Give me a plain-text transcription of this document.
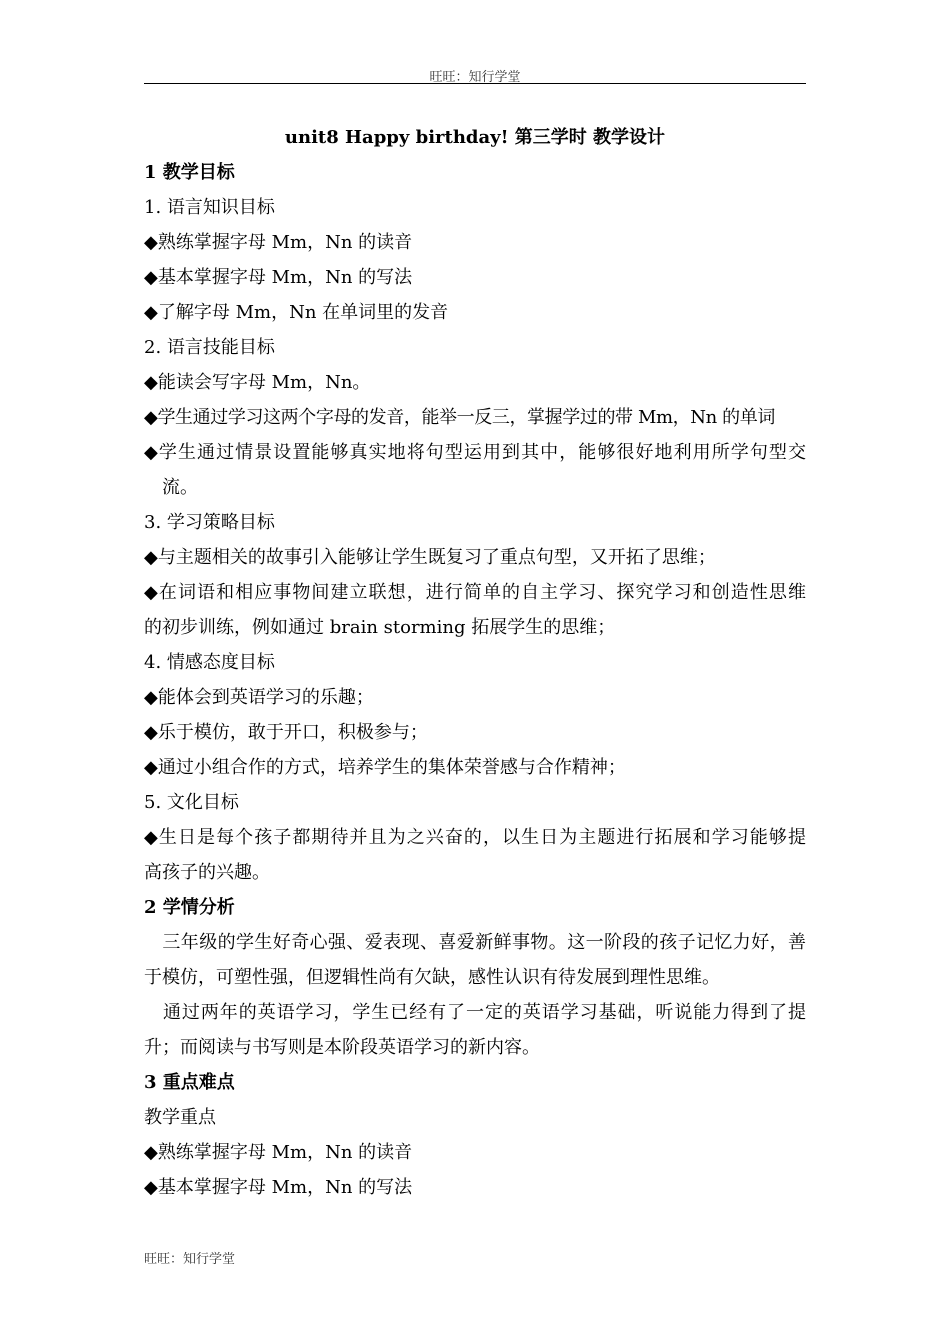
旺旺：知行学堂
unit8 Happy birthday! 第三学时 教学设计
1 教学目标
1. 语言知识目标
◆熟练掌握字母 Mm，Nn 的读音
◆基本掌握字母 Mm，Nn 的写法
◆了解字母 Mm，Nn 在单词里的发音
2. 语言技能目标
◆能读会写字母 Mm，Nn。
◆学生通过学习这两个字母的发音，能举一反三，掌握学过的带 Mm，Nn 的单词
◆学生通过情景设置能够真实地将句型运用到其中，能够很好地利用所学句型交
　流。
3. 学习策略目标
◆与主题相关的故事引入能够让学生既复习了重点句型，又开拓了思维；
◆在词语和相应事物间建立联想，进行简单的自主学习、探究学习和创造性思维
的初步训练，例如通过 brain storming 拓展学生的思维；
4. 情感态度目标
◆能体会到英语学习的乐趣；
◆乐于模仿，敢于开口，积极参与；
◆通过小组合作的方式，培养学生的集体荣誉感与合作精神；
5. 文化目标
◆生日是每个孩子都期待并且为之兴奋的，以生日为主题进行拓展和学习能够提
高孩子的兴趣。
2 学情分析
　三年级的学生好奇心强、爱表现、喜爱新鲜事物。这一阶段的孩子记忆力好，善
于模仿，可塑性强，但逻辑性尚有欠缺，感性认识有待发展到理性思维。
　通过两年的英语学习，学生已经有了一定的英语学习基础，听说能力得到了提
升；而阅读与书写则是本阶段英语学习的新内容。
3 重点难点
教学重点
◆熟练掌握字母 Mm，Nn 的读音
◆基本掌握字母 Mm，Nn 的写法
旺旺：知行学堂
